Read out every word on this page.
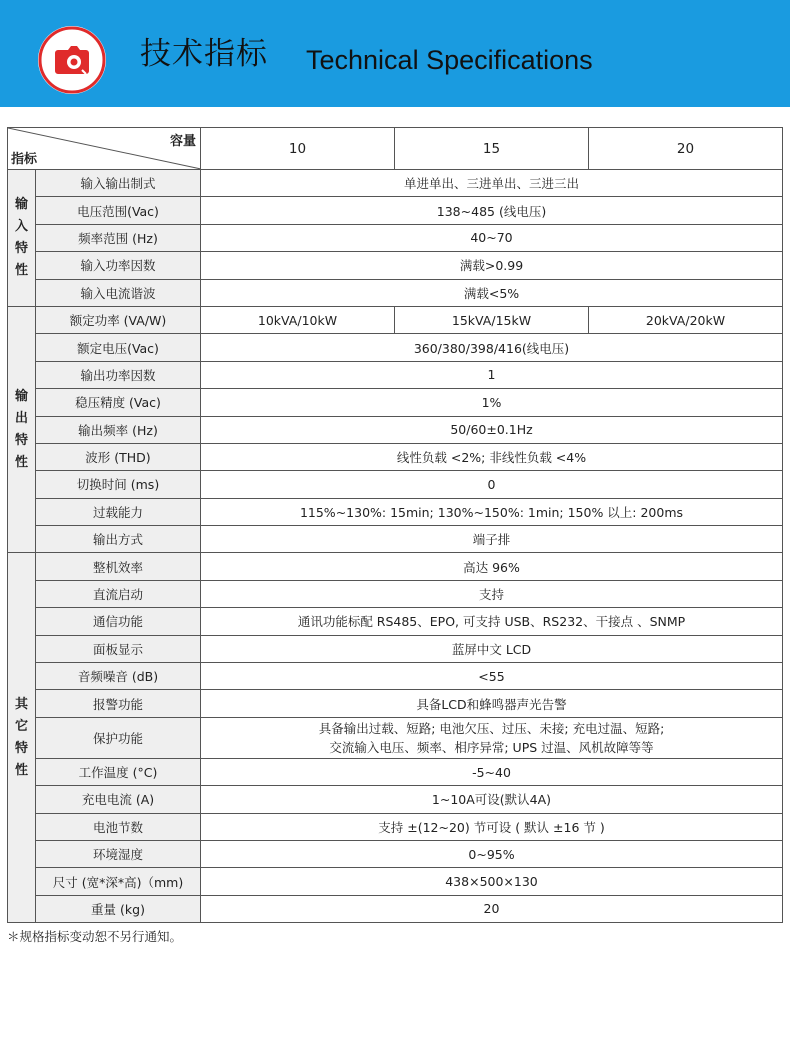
技术指标 Technical Specifications
容量
指标		10	15	20

输入特性	输入输出制式	单进单出、三进单出、三进三出		
	电压范围(Vac)	138~485 (线电压)		
	频率范围 (Hz)	40~70		
	输入功率因数	满载>0.99		
	输入电流谐波	满载<5%		

输出特性	额定功率 (VA/W)	10kVA/10kW	15kVA/15kW	20kVA/20kW
	额定电压(Vac)	360/380/398/416(线电压)		
	输出功率因数	1		
	稳压精度 (Vac)	1%		
	输出频率 (Hz)	50/60±0.1Hz		
	波形 (THD)	线性负载 <2%; 非线性负载 <4%		
	切换时间 (ms)	0		
	过载能力	115%~130%: 15min; 130%~150%: 1min; 150% 以上: 200ms		
	输出方式	端子排		

其它特性	整机效率	高达 96%		
	直流启动	支持		
	通信功能	通讯功能标配 RS485、EPO, 可支持 USB、RS232、干接点 、SNMP		
	面板显示	蓝屏中文 LCD		
	音频噪音 (dB)	<55		
	报警功能	具备LCD和蜂鸣器声光告警		
	保护功能	具备输出过载、短路; 电池欠压、过压、未接; 充电过温、短路;
交流输入电压、频率、相序异常; UPS 过温、风机故障等等		

	工作温度 (°C)	-5~40		
	充电电流 (A)	1~10A可设(默认4A)		
	电池节数	支持 ±(12~20) 节可设 ( 默认 ±16 节 )		
	环境湿度	0~95%		
	尺寸 (宽*深*高)（mm)	438×500×130		
	重量 (kg)	20		
＊规格指标变动恕不另行通知。
